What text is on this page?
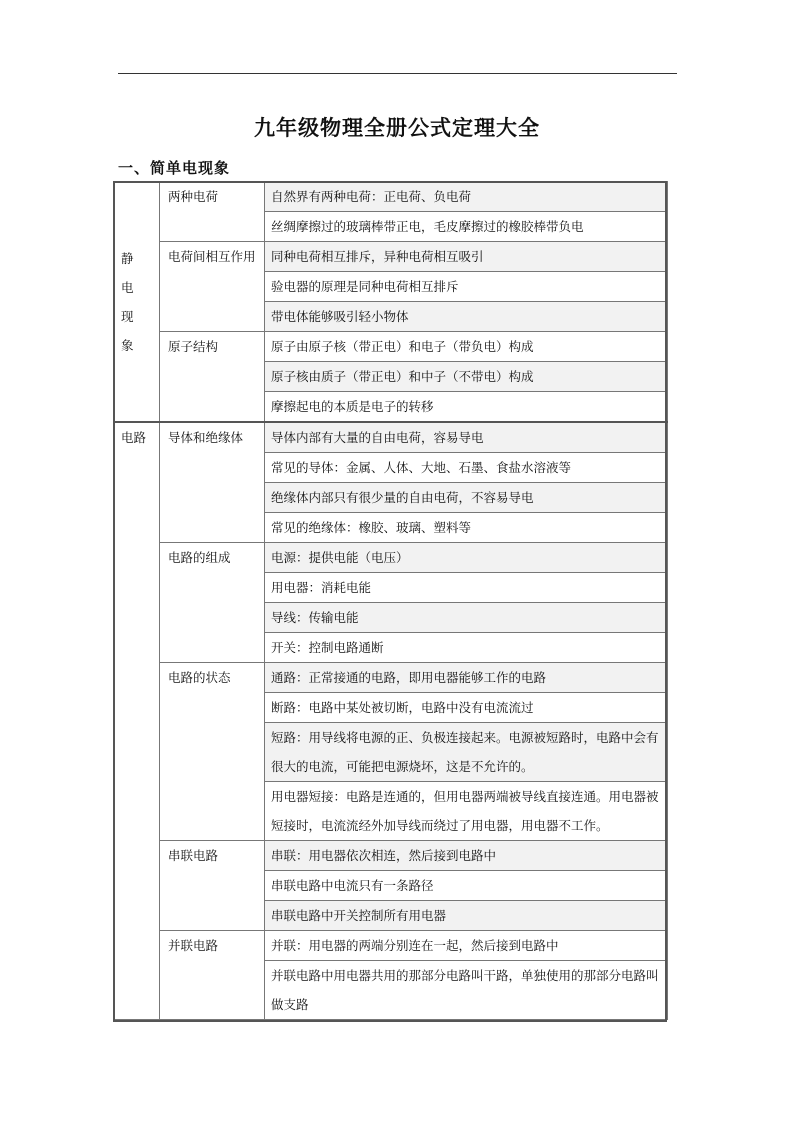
九年级物理全册公式定理大全
一、简单电现象
静电现象	两种电荷	自然界有两种电荷：正电荷、负电荷
		丝绸摩擦过的玻璃棒带正电，毛皮摩擦过的橡胶棒带负电
	电荷间相互作用	同种电荷相互排斥，异种电荷相互吸引
		验电器的原理是同种电荷相互排斥
		带电体能够吸引轻小物体
	原子结构	原子由原子核（带正电）和电子（带负电）构成
		原子核由质子（带正电）和中子（不带电）构成
		摩擦起电的本质是电子的转移
电路	导体和绝缘体	导体内部有大量的自由电荷，容易导电
		常见的导体：金属、人体、大地、石墨、食盐水溶液等
		绝缘体内部只有很少量的自由电荷，不容易导电
		常见的绝缘体：橡胶、玻璃、塑料等
	电路的组成	电源：提供电能（电压）
		用电器：消耗电能
		导线：传输电能
		开关：控制电路通断
	电路的状态	通路：正常接通的电路，即用电器能够工作的电路
		断路：电路中某处被切断，电路中没有电流流过
		短路：用导线将电源的正、负极连接起来。电源被短路时，电路中会有很大的电流，可能把电源烧坏，这是不允许的。
		用电器短接：电路是连通的，但用电器两端被导线直接连通。用电器被短接时，电流流经外加导线而绕过了用电器，用电器不工作。
	串联电路	串联：用电器依次相连，然后接到电路中
		串联电路中电流只有一条路径
		串联电路中开关控制所有用电器
	并联电路	并联：用电器的两端分别连在一起，然后接到电路中
		并联电路中用电器共用的那部分电路叫干路，单独使用的那部分电路叫做支路
